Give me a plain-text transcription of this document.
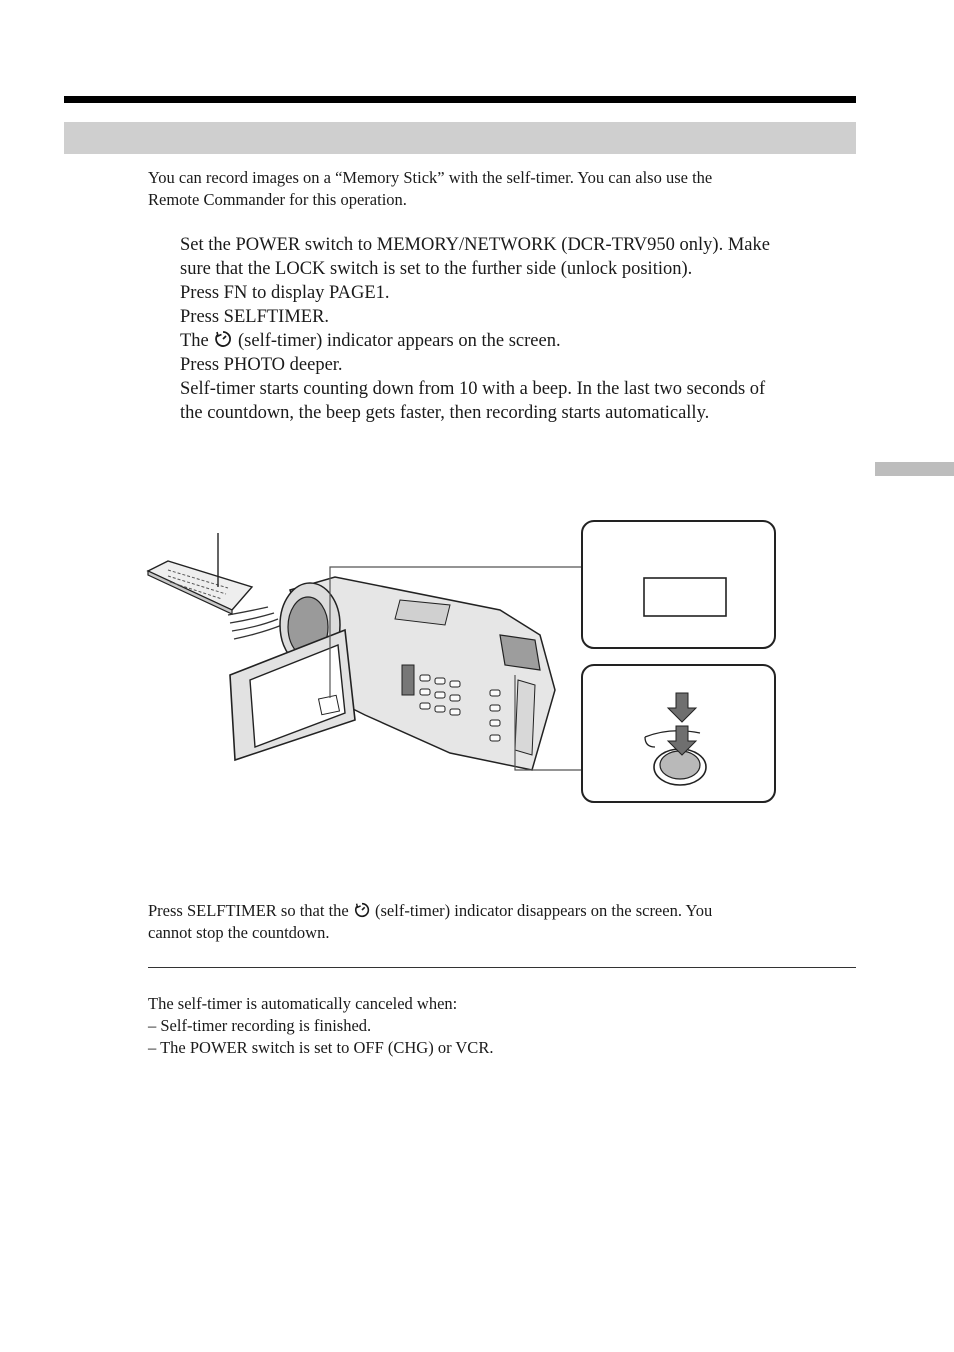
You can record images on a “Memory Stick” with the self-timer. You can also use the
Remote Commander for this operation.

Set the POWER switch to MEMORY/NETWORK (DCR-TRV950 only). Make

sure that the LOCK switch is set to the further side (unlock position).

Press FN to display PAGE1.

Press SELFTIMER.

The (self-timer) indicator appears on the screen.

Press PHOTO deeper.

Self-timer starts counting down from 10 with a beep. In the last two seconds of

the countdown, the beep gets faster, then recording starts automatically.

Press SELFTIMER so that the (self-timer) indicator disappears on the screen. You

cannot stop the countdown.

The self-timer is automatically canceled when:

– Self-timer recording is finished.

– The POWER switch is set to OFF (CHG) or VCR.
